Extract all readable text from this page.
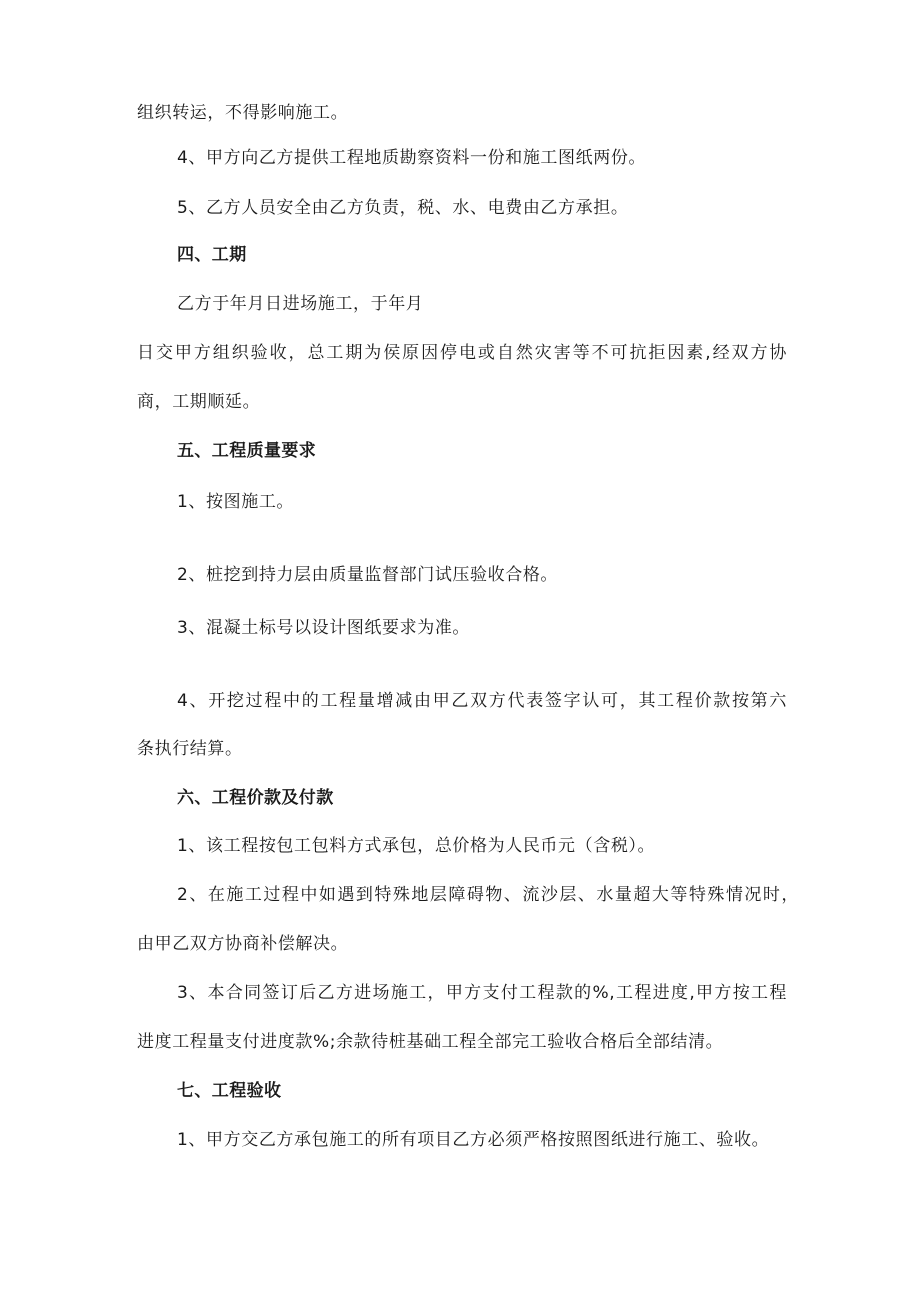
组织转运，不得影响施工。
4、甲方向乙方提供工程地质勘察资料一份和施工图纸两份。
5、乙方人员安全由乙方负责，税、水、电费由乙方承担。
四、工期
乙方于年月日进场施工，于年月
日交甲方组织验收，总工期为侯原因停电或自然灾害等不可抗拒因素,经双方协
商，工期顺延。
五、工程质量要求
1、按图施工。
2、桩挖到持力层由质量监督部门试压验收合格。
3、混凝土标号以设计图纸要求为准。
4、开挖过程中的工程量增减由甲乙双方代表签字认可，其工程价款按第六
条执行结算。
六、工程价款及付款
1、该工程按包工包料方式承包，总价格为人民币元（含税）。
2、在施工过程中如遇到特殊地层障碍物、流沙层、水量超大等特殊情况时，
由甲乙双方协商补偿解决。
3、本合同签订后乙方进场施工，甲方支付工程款的%,工程进度,甲方按工程
进度工程量支付进度款%;余款待桩基础工程全部完工验收合格后全部结清。
七、工程验收
1、甲方交乙方承包施工的所有项目乙方必须严格按照图纸进行施工、验收。
